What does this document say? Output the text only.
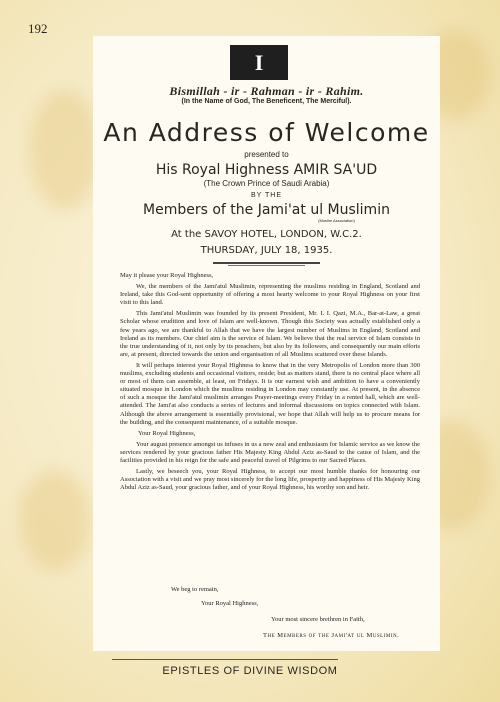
192
I
Bismillah - ir - Rahman - ir - Rahim.
(In the Name of God, The Beneficent, The Merciful).
An Address of Welcome
presented to
His Royal Highness AMIR SA'UD
(The Crown Prince of Saudi Arabia)
BY THE
Members of the Jami'at ul Muslimin
(Muslim Association)
At the SAVOY HOTEL, LONDON, W.C.2.
THURSDAY, JULY 18, 1935.

May it please your Royal Highness,

We, the members of the Jami'atul Muslimin, representing the muslims residing in England, Scotland and Ireland, take this God-sent opportunity of offering a most hearty welcome to your Royal Highness on your first visit to this land.

This Jami'atul Muslimin was founded by its present President, Mr. I. I. Qazi, M.A., Bar-at-Law, a great Scholar whose erudition and love of Islam are well-known. Though this Society was actually established only a few years ago, we are thankful to Allah that we have the largest number of Muslims in England, Scotland and Ireland as its members. Our chief aim is the service of Islam. We believe that the real service of Islam consists in the true understanding of it, not only by its preachers, but also by its followers, and consequently our main efforts are, at present, directed towards the union and organisation of all Muslims scattered over these Islands.

It will perhaps interest your Royal Highness to know that in the very Metropolis of London more than 300 muslims, excluding students and occasional visitors, reside; but as matters stand, there is no central place where all or most of them can assemble, at least, on Fridays. It is our earnest wish and ambition to have a conveniently situated mosque in London which the muslims residing in London may constantly use. At present, in the absence of such a mosque the Jami'atul muslimin arranges Prayer-meetings every Friday in a rented hall, which are well-attended. The Jami'at also conducts a series of lectures and informal discussions on topics connected with Islam. Although the above arrangement is essentially provisional, we hope that Allah will help us to procure means for the building, and the consequent maintenance, of a suitable mosque.

Your Royal Highness,

Your august presence amongst us infuses in us a new zeal and enthusiasm for Islamic service as we know the services rendered by your gracious father His Majesty King Abdul Aziz as-Saud to the cause of Islam, and the facilities provided in his reign for the safe and peaceful travel of Pilgrims to our Sacred Places.

Lastly, we beseech you, your Royal Highness, to accept our most humble thanks for honouring our Association with a visit and we pray most sincerely for the long life, prosperity and happiness of His Majesty King Abdul Aziz as-Saud, your gracious father, and of your Royal Highness, his worthy son and heir.

We beg to remain,
Your Royal Highness,
Your most sincere brethren in Faith,
The Members of the Jami'at ul Muslimin.
EPISTLES OF DIVINE WISDOM
